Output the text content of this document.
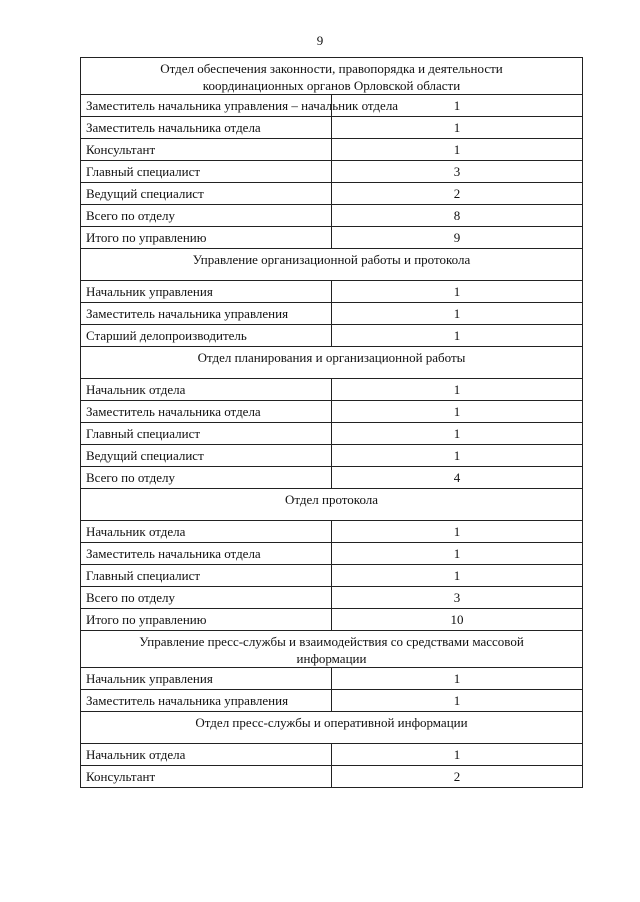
9
Отдел обеспечения законности, правопорядка и деятельности
координационных органов Орловской области	

Заместитель начальника управления – начальник отдела	1
Заместитель начальника отдела	1
Консультант	1
Главный специалист	3
Ведущий специалист	2
Всего по отделу	8
Итого по управлению	9

Управление организационной работы и протокола	

Начальник управления	1
Заместитель начальника управления	1
Старший делопроизводитель	1

Отдел планирования и организационной работы	

Начальник отдела	1
Заместитель начальника отдела	1
Главный специалист	1
Ведущий специалист	1
Всего по отделу	4

Отдел протокола	

Начальник отдела	1
Заместитель начальника отдела	1
Главный специалист	1
Всего по отделу	3
Итого по управлению	10

Управление пресс-службы и взаимодействия со средствами массовой
информации	

Начальник управления	1
Заместитель начальника управления	1

Отдел пресс-службы и оперативной информации	

Начальник отдела	1
Консультант	2
